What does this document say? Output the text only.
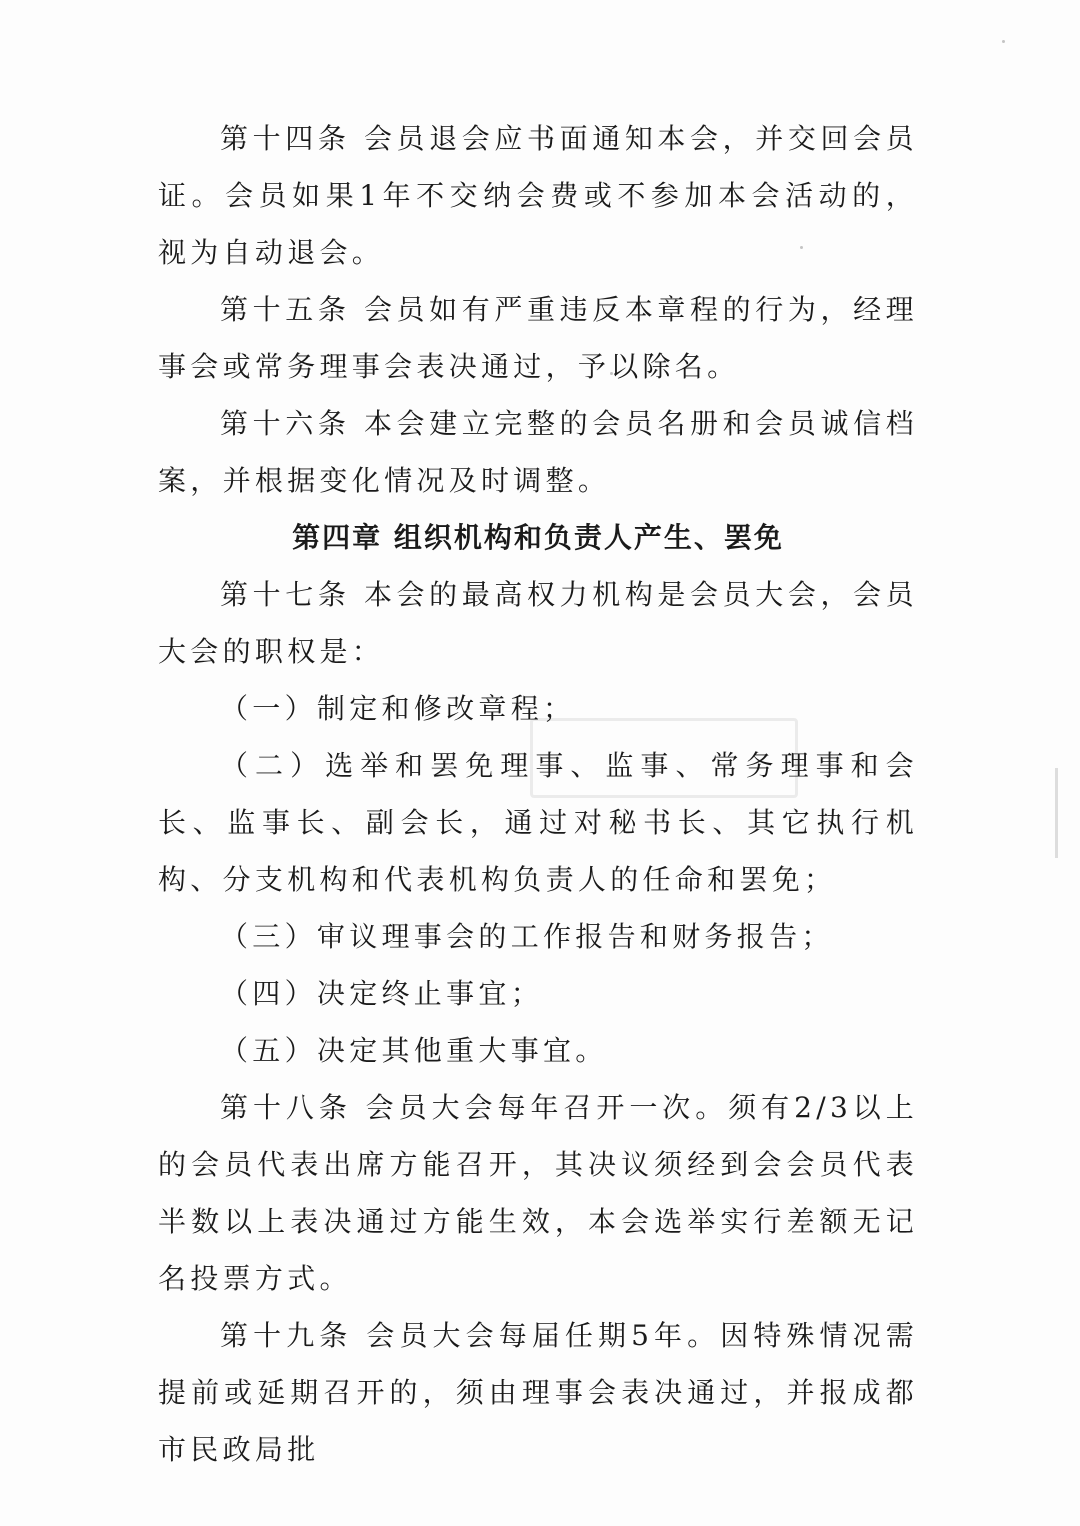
第十四条 会员退会应书面通知本会，并交回会员证。会员如果1年不交纳会费或不参加本会活动的，视为自动退会。

第十五条 会员如有严重违反本章程的行为，经理事会或常务理事会表决通过，予以除名。

第十六条 本会建立完整的会员名册和会员诚信档案，并根据变化情况及时调整。

第四章 组织机构和负责人产生、罢免

第十七条 本会的最高权力机构是会员大会，会员大会的职权是：

（一）制定和修改章程；

（二）选举和罢免理事、监事、常务理事和会长、监事长、副会长，通过对秘书长、其它执行机构、分支机构和代表机构负责人的任命和罢免；

（三）审议理事会的工作报告和财务报告；

（四）决定终止事宜；

（五）决定其他重大事宜。

第十八条 会员大会每年召开一次。须有2/3以上的会员代表出席方能召开，其决议须经到会会员代表半数以上表决通过方能生效，本会选举实行差额无记名投票方式。

第十九条 会员大会每届任期5年。因特殊情况需提前或延期召开的，须由理事会表决通过，并报成都市民政局批
